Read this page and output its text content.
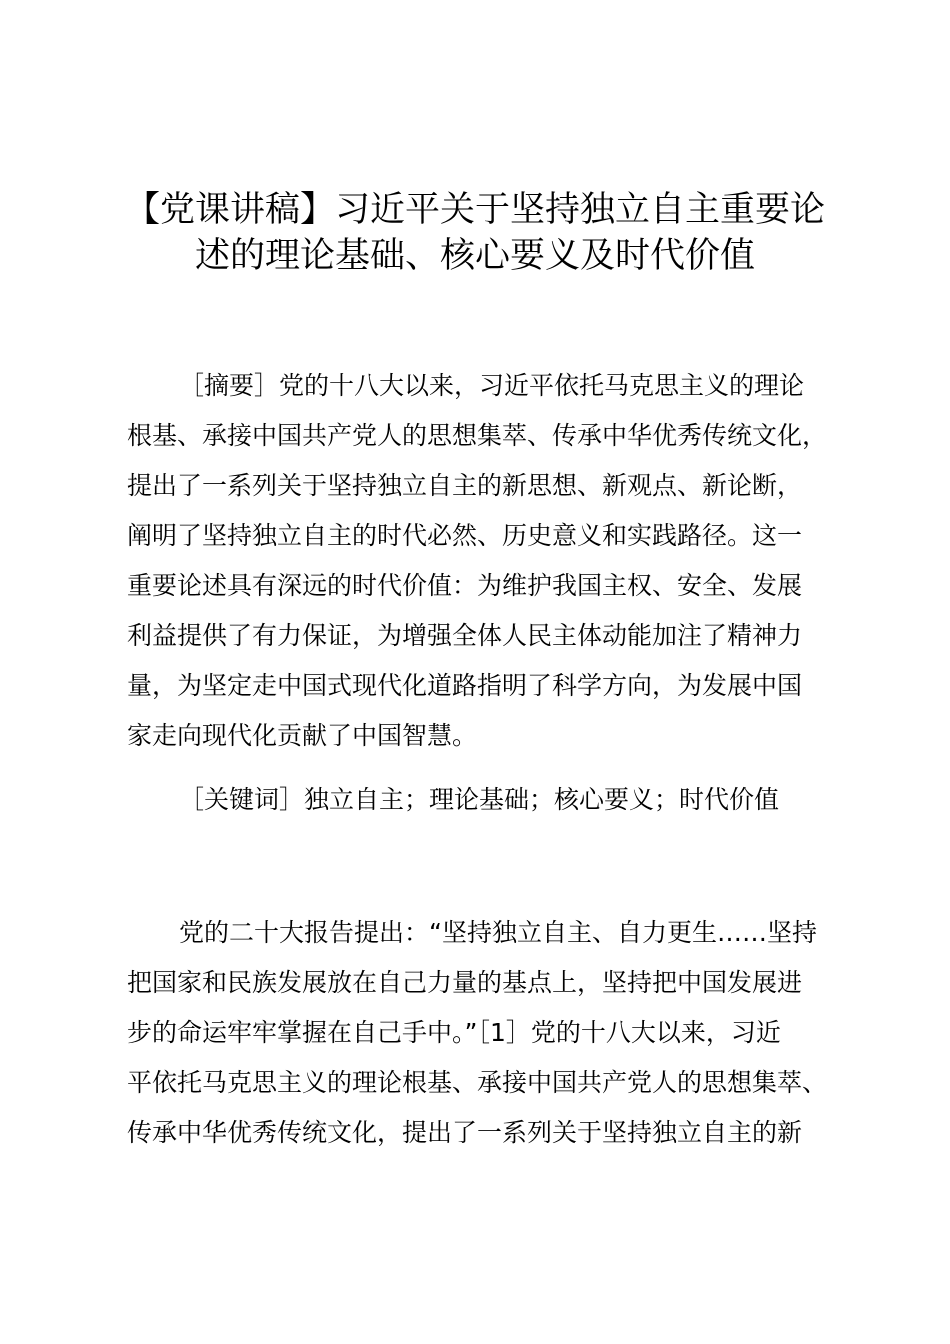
【党课讲稿】习近平关于坚持独立自主重要论
述的理论基础、核心要义及时代价值
［摘要］党的十八大以来，习近平依托马克思主义的理论
根基、承接中国共产党人的思想集萃、传承中华优秀传统文化，
提出了一系列关于坚持独立自主的新思想、新观点、新论断，
阐明了坚持独立自主的时代必然、历史意义和实践路径。这一
重要论述具有深远的时代价值：为维护我国主权、安全、发展
利益提供了有力保证，为增强全体人民主体动能加注了精神力
量，为坚定走中国式现代化道路指明了科学方向，为发展中国
家走向现代化贡献了中国智慧。
［关键词］独立自主；理论基础；核心要义；时代价值
党的二十大报告提出：“坚持独立自主、自力更生……坚持
把国家和民族发展放在自己力量的基点上，坚持把中国发展进
步的命运牢牢掌握在自己手中。”［1］党的十八大以来，习近
平依托马克思主义的理论根基、承接中国共产党人的思想集萃、
传承中华优秀传统文化，提出了一系列关于坚持独立自主的新
